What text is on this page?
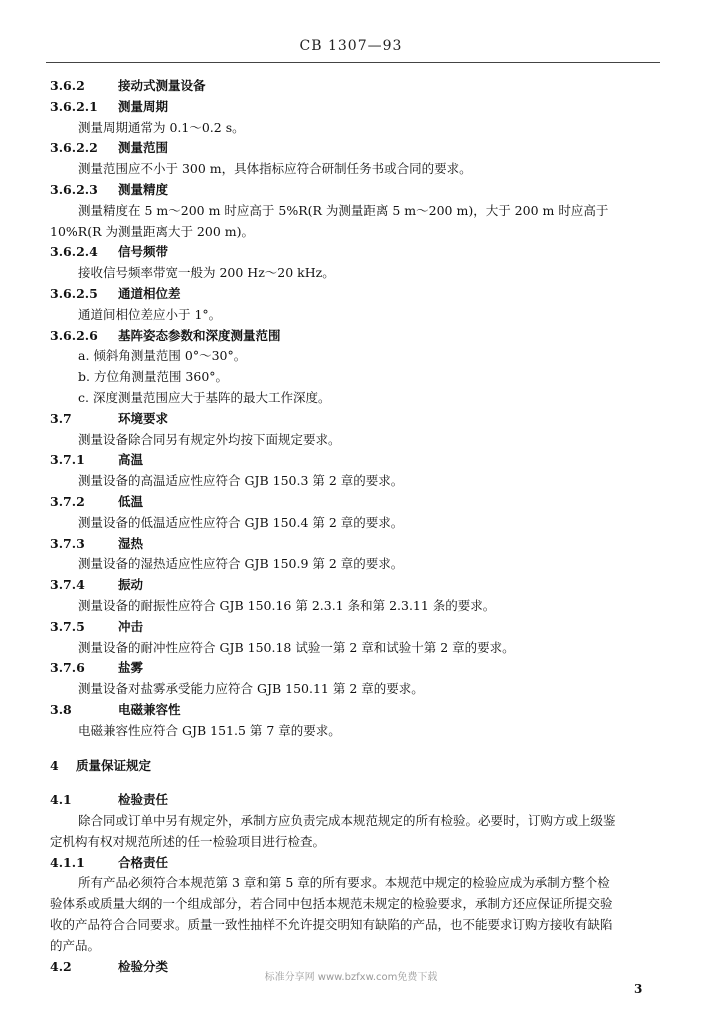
CB 1307—93
3.6.2	接动式测量设备
3.6.2.1 测量周期
测量周期通常为 0.1～0.2 s。
3.6.2.2 测量范围
测量范围应不小于 300 m，具体指标应符合研制任务书或合同的要求。
3.6.2.3 测量精度
测量精度在 5 m～200 m 时应高于 5%R(R 为测量距离 5 m～200 m)，大于 200 m 时应高于
10%R(R 为测量距离大于 200 m)。
3.6.2.4 信号频带
接收信号频率带宽一般为 200 Hz～20 kHz。
3.6.2.5 通道相位差
通道间相位差应小于 1°。
3.6.2.6 基阵姿态参数和深度测量范围
a. 倾斜角测量范围 0°～30°。
b. 方位角测量范围 360°。
c. 深度测量范围应大于基阵的最大工作深度。
3.7	环境要求
测量设备除合同另有规定外均按下面规定要求。
3.7.1	高温
测量设备的高温适应性应符合 GJB 150.3 第 2 章的要求。
3.7.2	低温
测量设备的低温适应性应符合 GJB 150.4 第 2 章的要求。
3.7.3	湿热
测量设备的湿热适应性应符合 GJB 150.9 第 2 章的要求。
3.7.4	振动
测量设备的耐振性应符合 GJB 150.16 第 2.3.1 条和第 2.3.11 条的要求。
3.7.5	冲击
测量设备的耐冲性应符合 GJB 150.18 试验一第 2 章和试验十第 2 章的要求。
3.7.6	盐雾
测量设备对盐雾承受能力应符合 GJB 150.11 第 2 章的要求。
3.8	电磁兼容性
电磁兼容性应符合 GJB 151.5 第 7 章的要求。
4 质量保证规定
4.1	检验责任
除合同或订单中另有规定外，承制方应负责完成本规范规定的所有检验。必要时，订购方或上级鉴
定机构有权对规范所述的任一检验项目进行检查。
4.1.1	合格责任
所有产品必须符合本规范第 3 章和第 5 章的所有要求。本规范中规定的检验应成为承制方整个检
验体系或质量大纲的一个组成部分，若合同中包括本规范未规定的检验要求，承制方还应保证所提交验
收的产品符合合同要求。质量一致性抽样不允许提交明知有缺陷的产品，也不能要求订购方接收有缺陷
的产品。
4.2	检验分类
标准分享网 www.bzfxw.com免费下载
3
